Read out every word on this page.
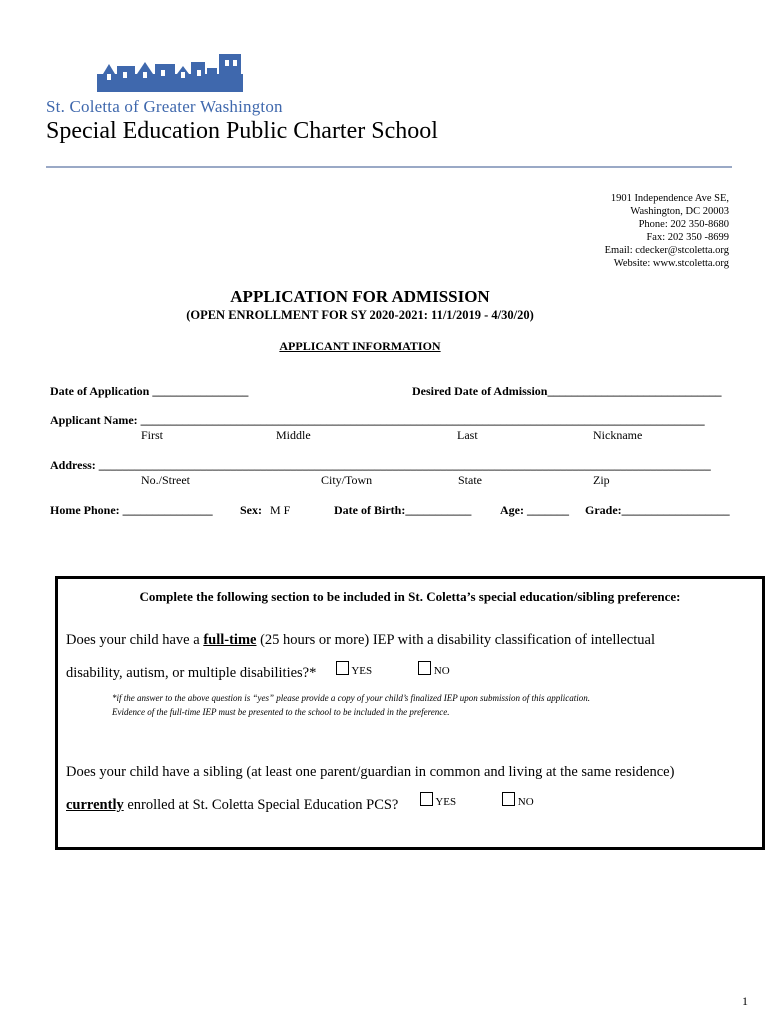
St. Coletta of Greater Washington
Special Education Public Charter School
1901 Independence Ave SE,
Washington, DC 20003
Phone: 202 350-8680
Fax: 202 350 -8699
Email: cdecker@stcoletta.org
Website: www.stcoletta.org
APPLICATION FOR ADMISSION
(OPEN ENROLLMENT FOR SY 2020-2021: 11/1/2019 - 4/30/20)
APPLICANT INFORMATION
Date of Application ________________	Desired Date of Admission_____________________________
Applicant Name: ______________________________________________________________________________________________
First	Middle	Last	Nickname
Address: ______________________________________________________________________________________________________
No./Street	City/Town	State	Zip
Home Phone: _______________ Sex: M F	Date of Birth:___________ Age: _______ Grade:__________________
Complete the following section to be included in St. Coletta’s special education/sibling preference:
Does your child have a full-time (25 hours or more) IEP with a disability classification of intellectual
disability, autism, or multiple disabilities?*	YES	NO
*if the answer to the above question is “yes” please provide a copy of your child’s finalized IEP upon submission of this application.
Evidence of the full-time IEP must be presented to the school to be included in the preference.
Does your child have a sibling (at least one parent/guardian in common and living at the same residence)
currently enrolled at St. Coletta Special Education PCS?	YES	NO
1
